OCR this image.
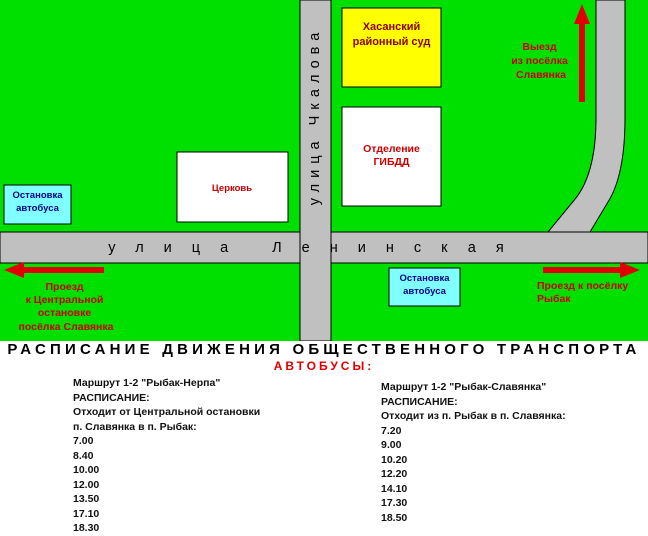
Хасанский районный суд
Отделение ГИБДД
Церковь
Остановка автобуса
Остановка автобуса
улица Чкалова
улица Ленинская
Выезд из посёлка Славянка
Проезд к Центральной остановке посёлка Славянка
Проезд к посёлку Рыбак
РАСПИСАНИЕ ДВИЖЕНИЯ ОБЩЕСТВЕННОГО ТРАНСПОРТА
АВТОБУСЫ:
Маршрут 1-2 "Рыбак-Нерпа"
РАСПИСАНИЕ:
Отходит от Центральной остановки
п. Славянка в п. Рыбак:
7.00
8.40
10.00
12.00
13.50
17.10
18.30
Маршрут 1-2 "Рыбак-Славянка"
РАСПИСАНИЕ:
Отходит из п. Рыбак в п. Славянка:
7.20
9.00
10.20
12.20
14.10
17.30
18.50
